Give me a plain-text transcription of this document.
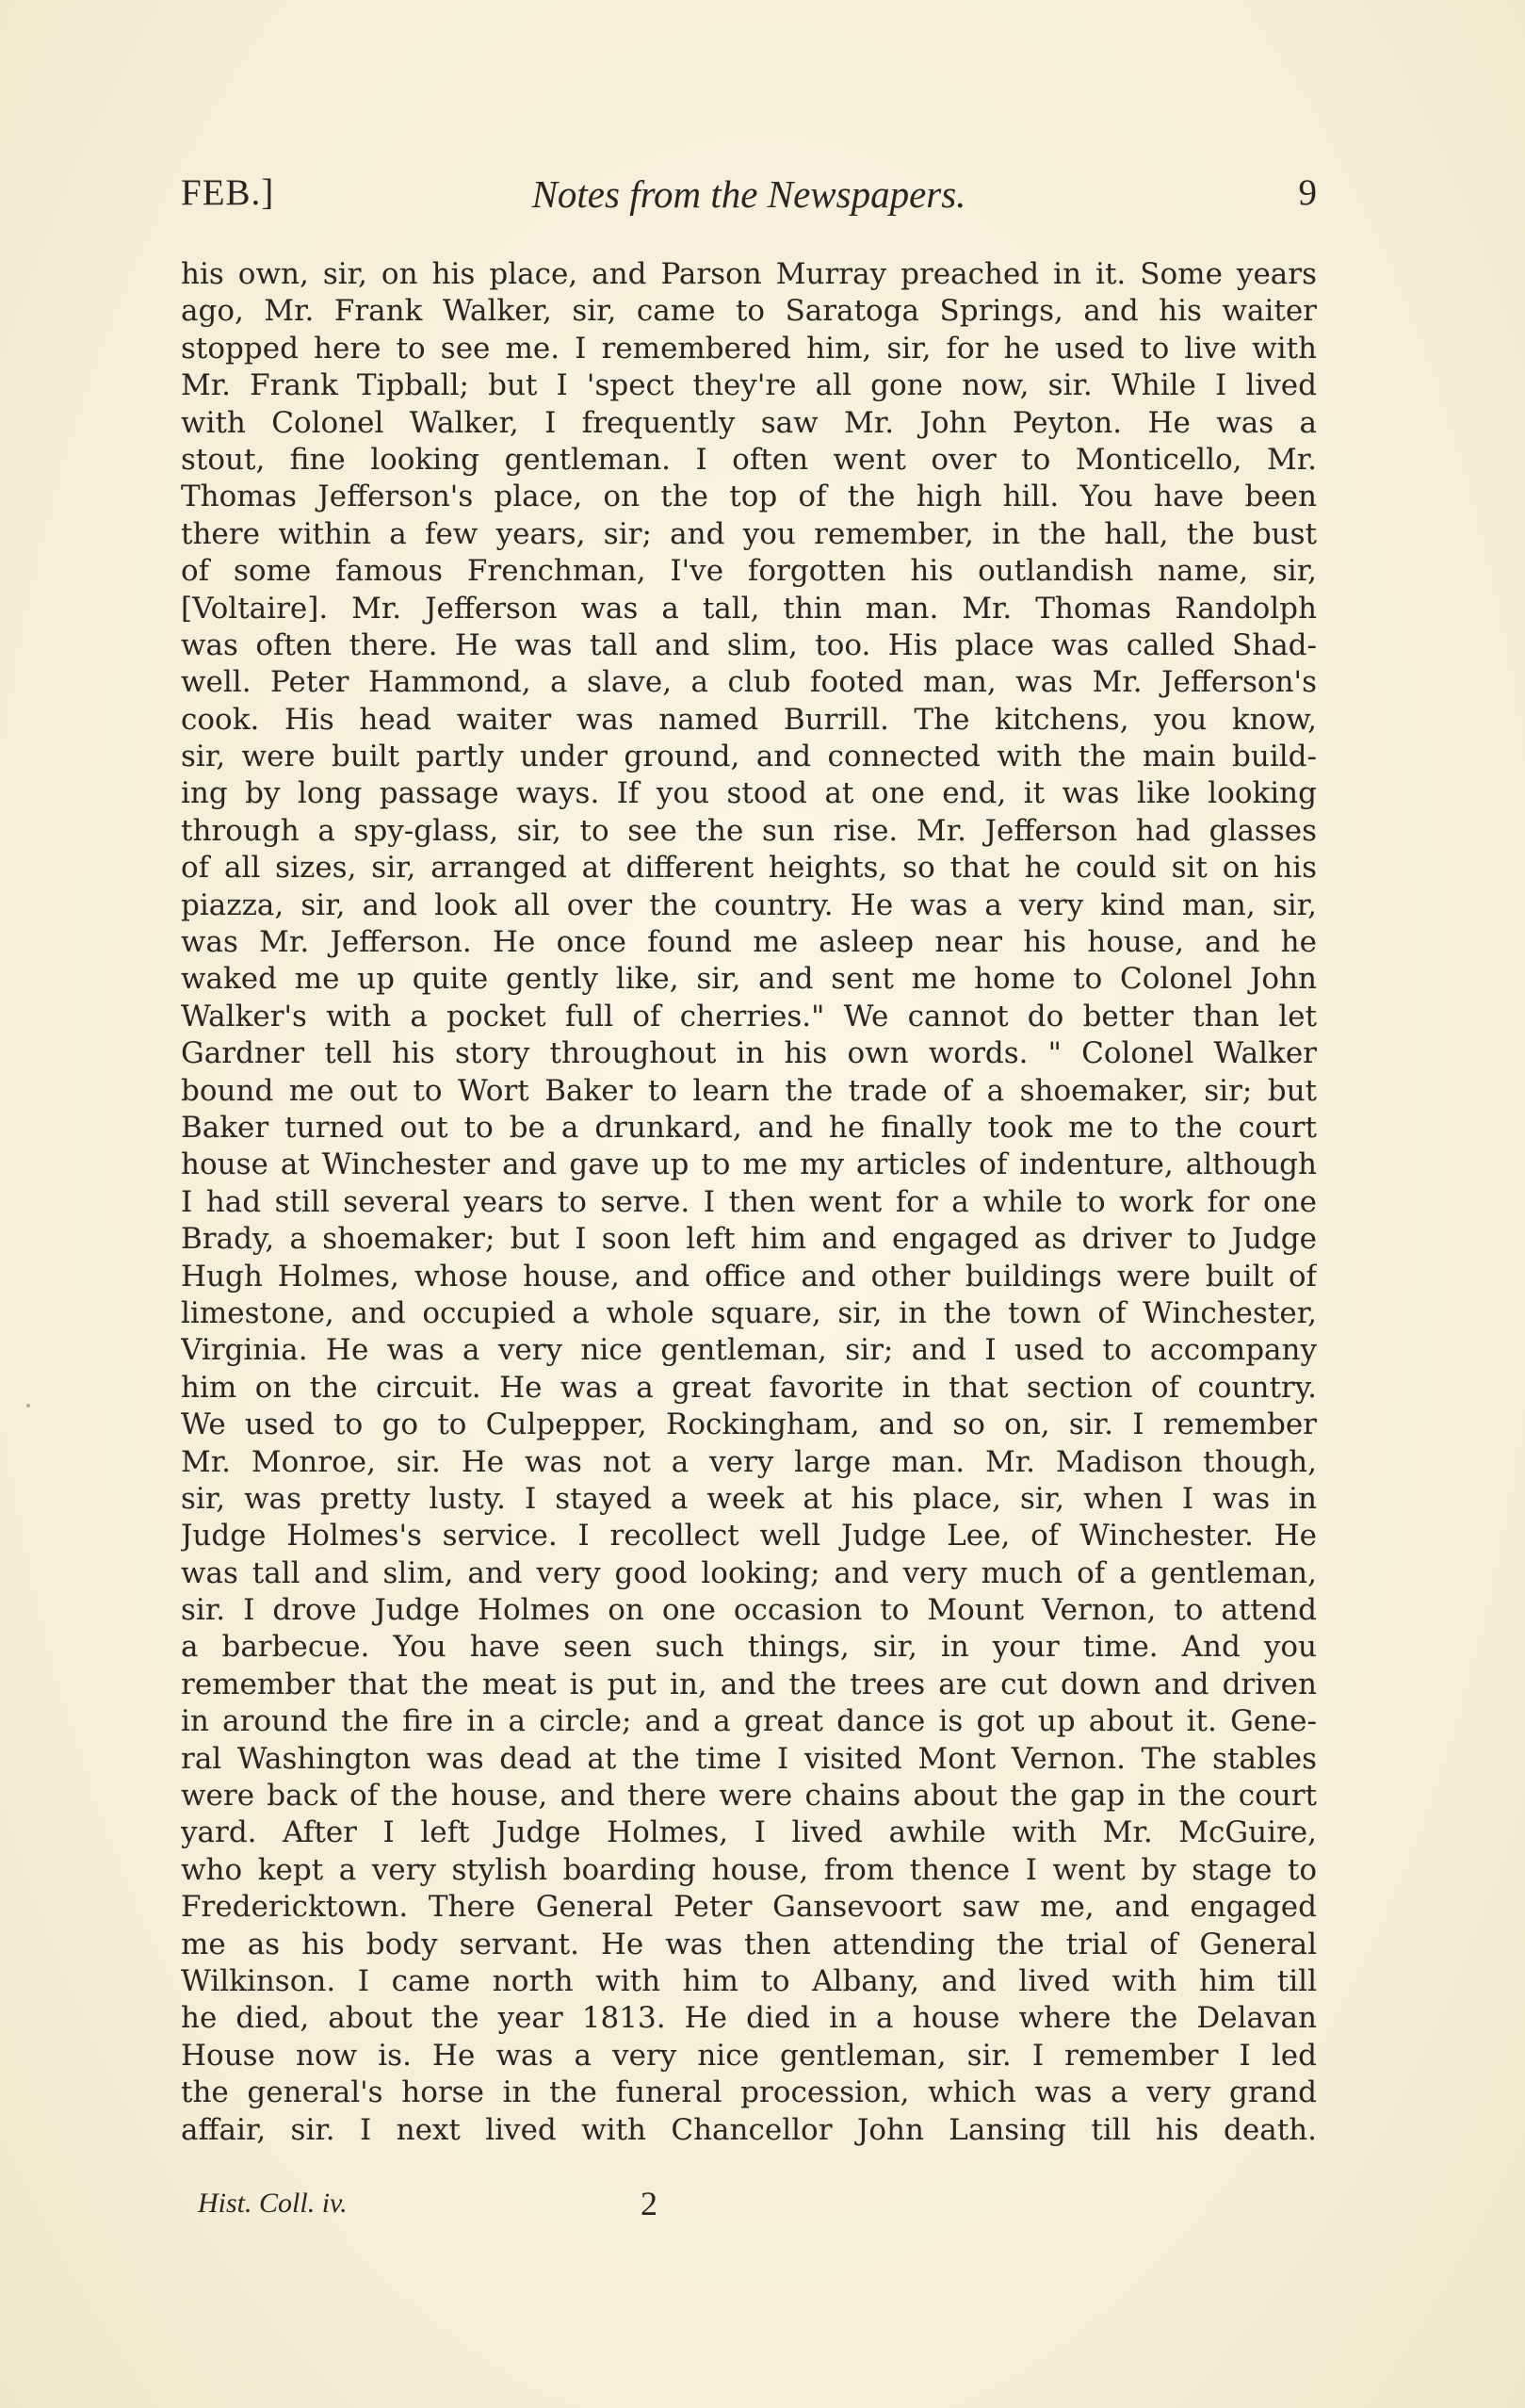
FEB.]	Notes from the Newspapers.	9
his own, sir, on his place, and Parson Murray preached in it. Some years
ago, Mr. Frank Walker, sir, came to Saratoga Springs, and his waiter
stopped here to see me. I remembered him, sir, for he used to live with
Mr. Frank Tipball; but I 'spect they're all gone now, sir. While I lived
with Colonel Walker, I frequently saw Mr. John Peyton. He was a
stout, fine looking gentleman. I often went over to Monticello, Mr.
Thomas Jefferson's place, on the top of the high hill. You have been
there within a few years, sir; and you remember, in the hall, the bust
of some famous Frenchman, I've forgotten his outlandish name, sir,
[Voltaire]. Mr. Jefferson was a tall, thin man. Mr. Thomas Randolph
was often there. He was tall and slim, too. His place was called Shad-
well. Peter Hammond, a slave, a club footed man, was Mr. Jefferson's
cook. His head waiter was named Burrill. The kitchens, you know,
sir, were built partly under ground, and connected with the main build-
ing by long passage ways. If you stood at one end, it was like looking
through a spy-glass, sir, to see the sun rise. Mr. Jefferson had glasses
of all sizes, sir, arranged at different heights, so that he could sit on his
piazza, sir, and look all over the country. He was a very kind man, sir,
was Mr. Jefferson. He once found me asleep near his house, and he
waked me up quite gently like, sir, and sent me home to Colonel John
Walker's with a pocket full of cherries." We cannot do better than let
Gardner tell his story throughout in his own words. " Colonel Walker
bound me out to Wort Baker to learn the trade of a shoemaker, sir; but
Baker turned out to be a drunkard, and he finally took me to the court
house at Winchester and gave up to me my articles of indenture, although
I had still several years to serve. I then went for a while to work for one
Brady, a shoemaker; but I soon left him and engaged as driver to Judge
Hugh Holmes, whose house, and office and other buildings were built of
limestone, and occupied a whole square, sir, in the town of Winchester,
Virginia. He was a very nice gentleman, sir; and I used to accompany
him on the circuit. He was a great favorite in that section of country.
We used to go to Culpepper, Rockingham, and so on, sir. I remember
Mr. Monroe, sir. He was not a very large man. Mr. Madison though,
sir, was pretty lusty. I stayed a week at his place, sir, when I was in
Judge Holmes's service. I recollect well Judge Lee, of Winchester. He
was tall and slim, and very good looking; and very much of a gentleman,
sir. I drove Judge Holmes on one occasion to Mount Vernon, to attend
a barbecue. You have seen such things, sir, in your time. And you
remember that the meat is put in, and the trees are cut down and driven
in around the fire in a circle; and a great dance is got up about it. Gene-
ral Washington was dead at the time I visited Mont Vernon. The stables
were back of the house, and there were chains about the gap in the court
yard. After I left Judge Holmes, I lived awhile with Mr. McGuire,
who kept a very stylish boarding house, from thence I went by stage to
Fredericktown. There General Peter Gansevoort saw me, and engaged
me as his body servant. He was then attending the trial of General
Wilkinson. I came north with him to Albany, and lived with him till
he died, about the year 1813. He died in a house where the Delavan
House now is. He was a very nice gentleman, sir. I remember I led
the general's horse in the funeral procession, which was a very grand
affair, sir. I next lived with Chancellor John Lansing till his death.
Hist. Coll. iv.	2
